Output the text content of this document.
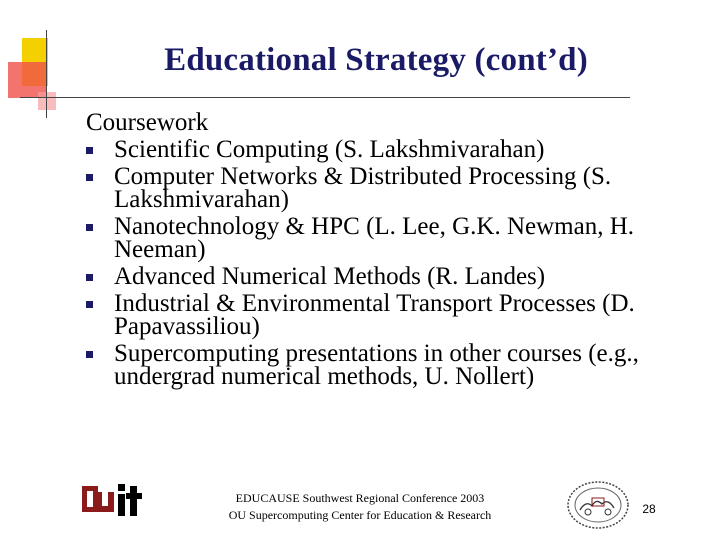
Educational Strategy (cont’d)
Coursework
Scientific Computing (S. Lakshmivarahan)
Computer Networks & Distributed Processing (S. Lakshmivarahan)
Nanotechnology & HPC (L. Lee, G.K. Newman, H. Neeman)
Advanced Numerical Methods (R. Landes)
Industrial & Environmental Transport Processes (D. Papavassiliou)
Supercomputing presentations in other courses (e.g., undergrad numerical methods, U. Nollert)
EDUCAUSE Southwest Regional Conference 2003
OU Supercomputing Center for Education & Research	28
